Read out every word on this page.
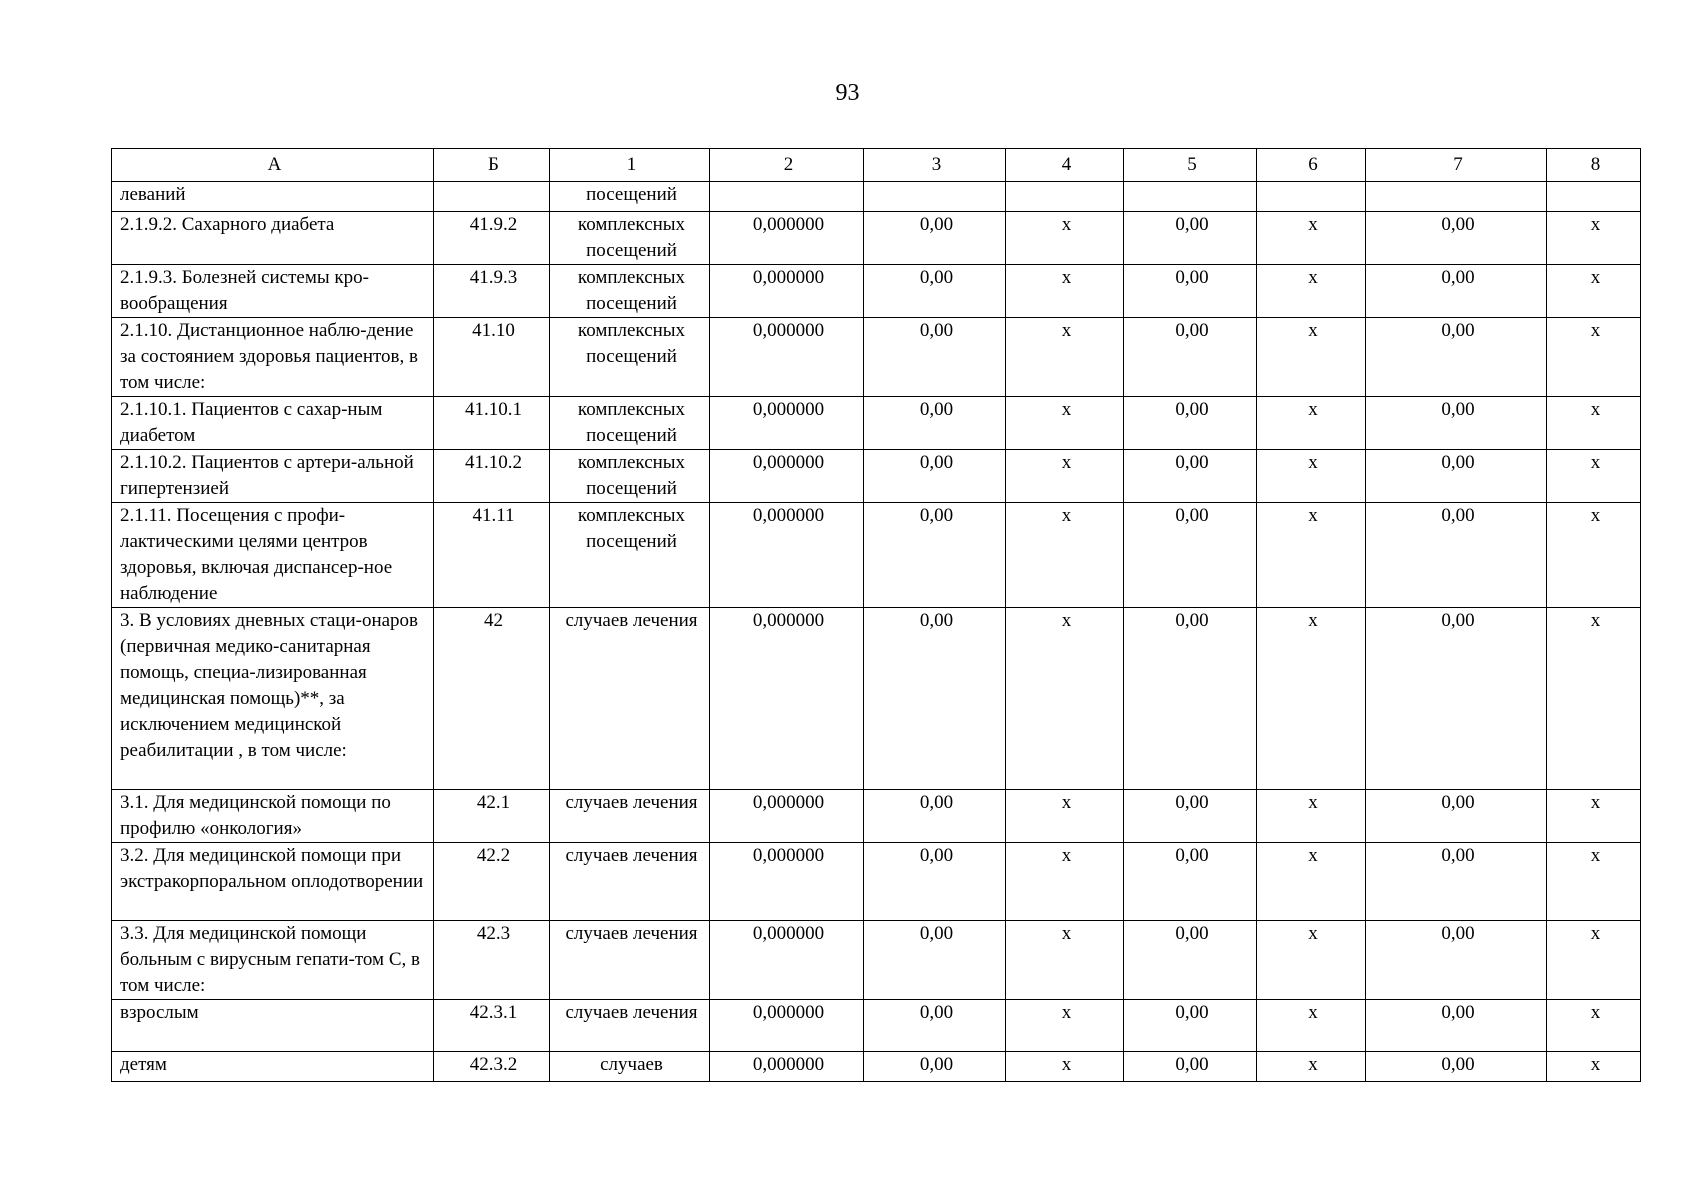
93
А	Б	1	2	3	4	5	6	7	8
леваний		посещений							
2.1.9.2. Сахарного диабета	41.9.2	комплексных посещений	0,000000	0,00	х	0,00	х	0,00	х
2.1.9.3. Болезней системы кро-вообращения	41.9.3	комплексных посещений	0,000000	0,00	х	0,00	х	0,00	х
2.1.10. Дистанционное наблю-дение за состоянием здоровья пациентов, в том числе:	41.10	комплексных посещений	0,000000	0,00	х	0,00	х	0,00	х
2.1.10.1. Пациентов с сахар-ным диабетом	41.10.1	комплексных посещений	0,000000	0,00	х	0,00	х	0,00	х
2.1.10.2. Пациентов с артери-альной гипертензией	41.10.2	комплексных посещений	0,000000	0,00	х	0,00	х	0,00	х
2.1.11. Посещения с профи-лактическими целями центров здоровья, включая диспансер-ное наблюдение	41.11	комплексных посещений	0,000000	0,00	х	0,00	х	0,00	х
3. В условиях дневных стаци-онаров (первичная медико-санитарная помощь, специа-лизированная медицинская помощь)**, за исключением медицинской реабилитации , в том числе:	42	случаев лечения	0,000000	0,00	х	0,00	х	0,00	х
3.1. Для медицинской помощи по профилю «онкология»	42.1	случаев лечения	0,000000	0,00	х	0,00	х	0,00	х
3.2. Для медицинской помощи при экстракорпоральном оплодотворении	42.2	случаев лечения	0,000000	0,00	х	0,00	х	0,00	х
3.3. Для медицинской помощи больным с вирусным гепати-том С, в том числе:	42.3	случаев лечения	0,000000	0,00	х	0,00	х	0,00	х
взрослым	42.3.1	случаев лечения	0,000000	0,00	х	0,00	х	0,00	х
детям	42.3.2	случаев	0,000000	0,00	х	0,00	х	0,00	х
